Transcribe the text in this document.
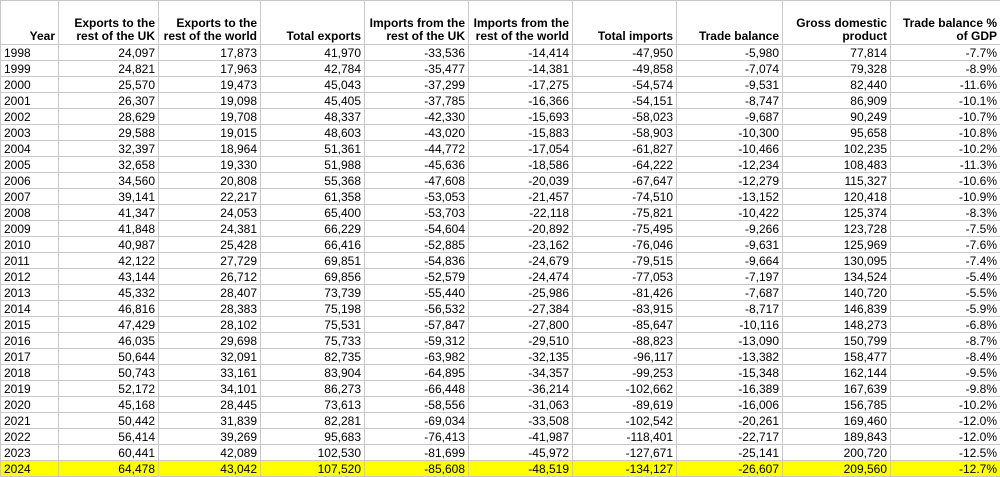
Year	Exports to the rest of the UK	Exports to the rest of the world	Total exports	Imports from the rest of the UK	Imports from the rest of the world	Total imports	Trade balance	Gross domestic product	Trade balance % of GDP
1998	24,097	17,873	41,970	-33,536	-14,414	-47,950	-5,980	77,814	-7.7%
1999	24,821	17,963	42,784	-35,477	-14,381	-49,858	-7,074	79,328	-8.9%
2000	25,570	19,473	45,043	-37,299	-17,275	-54,574	-9,531	82,440	-11.6%
2001	26,307	19,098	45,405	-37,785	-16,366	-54,151	-8,747	86,909	-10.1%
2002	28,629	19,708	48,337	-42,330	-15,693	-58,023	-9,687	90,249	-10.7%
2003	29,588	19,015	48,603	-43,020	-15,883	-58,903	-10,300	95,658	-10.8%
2004	32,397	18,964	51,361	-44,772	-17,054	-61,827	-10,466	102,235	-10.2%
2005	32,658	19,330	51,988	-45,636	-18,586	-64,222	-12,234	108,483	-11.3%
2006	34,560	20,808	55,368	-47,608	-20,039	-67,647	-12,279	115,327	-10.6%
2007	39,141	22,217	61,358	-53,053	-21,457	-74,510	-13,152	120,418	-10.9%
2008	41,347	24,053	65,400	-53,703	-22,118	-75,821	-10,422	125,374	-8.3%
2009	41,848	24,381	66,229	-54,604	-20,892	-75,495	-9,266	123,728	-7.5%
2010	40,987	25,428	66,416	-52,885	-23,162	-76,046	-9,631	125,969	-7.6%
2011	42,122	27,729	69,851	-54,836	-24,679	-79,515	-9,664	130,095	-7.4%
2012	43,144	26,712	69,856	-52,579	-24,474	-77,053	-7,197	134,524	-5.4%
2013	45,332	28,407	73,739	-55,440	-25,986	-81,426	-7,687	140,720	-5.5%
2014	46,816	28,383	75,198	-56,532	-27,384	-83,915	-8,717	146,839	-5.9%
2015	47,429	28,102	75,531	-57,847	-27,800	-85,647	-10,116	148,273	-6.8%
2016	46,035	29,698	75,733	-59,312	-29,510	-88,823	-13,090	150,799	-8.7%
2017	50,644	32,091	82,735	-63,982	-32,135	-96,117	-13,382	158,477	-8.4%
2018	50,743	33,161	83,904	-64,895	-34,357	-99,253	-15,348	162,144	-9.5%
2019	52,172	34,101	86,273	-66,448	-36,214	-102,662	-16,389	167,639	-9.8%
2020	45,168	28,445	73,613	-58,556	-31,063	-89,619	-16,006	156,785	-10.2%
2021	50,442	31,839	82,281	-69,034	-33,508	-102,542	-20,261	169,460	-12.0%
2022	56,414	39,269	95,683	-76,413	-41,987	-118,401	-22,717	189,843	-12.0%
2023	60,441	42,089	102,530	-81,699	-45,972	-127,671	-25,141	200,720	-12.5%
2024	64,478	43,042	107,520	-85,608	-48,519	-134,127	-26,607	209,560	-12.7%
